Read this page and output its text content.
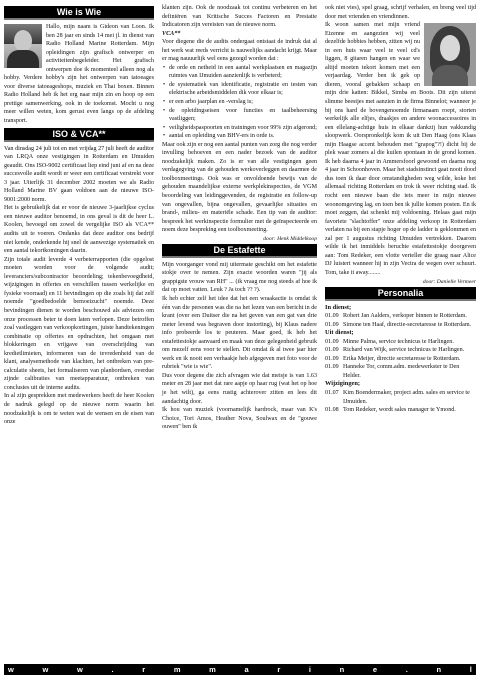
Wie is Wie

Hallo, mijn naam is Gideon van Loon. Ik ben 28 jaar en sinds 14 mei jl. in dienst van Radio Holland Marine Rotterdam. Mijn opleidingen zijn grafisch ontwerper en activiteitenbegeleider. Het grafisch ontwerpen doe ik momenteel alleen nog als hobby. Verdere hobby's zijn het ontwerpen van tatoeages voor diverse tatoeageshops, muziek en Thai boxen. Binnen Radio Holland heb ik het erg naar mijn zin en hoop op een prettige samenwerking, ook in de toekomst. Mocht u nog meer willen weten, kom gerust even langs op de afdeling transport.

ISO & VCA**

Van dinsdag 24 juli tot en met vrijdag 27 juli heeft de auditor van LRQA onze vestigingen in Rotterdam en IJmuiden geaudit. Ons ISO-9002 certificaat liep eind juni af en na deze succesvolle audit wordt er weer een certificaat verstrekt voor 3 jaar. Uiterlijk 31 december 2002 moeten we als Radio Holland Marine BV gaan voldoen aan de nieuwe ISO-9001:2000 norm.

Het is gebruikelijk dat er voor de nieuwe 3-jaarlijkse cyclus een nieuwe auditor benoemd, in ons geval is dit de heer L. Koolen, bevoegd om zowel de vergelijke ISO als VCA** audits uit te voeren. Ondanks dat deze auditor ons bedrijf niet kende, onderkende hij snel de aanwezige systematiek en een aantal tekortkomingen daarin.

Zijn totale audit leverde 4 verbeterrapporten (die opgelost moeten worden voor de volgende audit; leveranciers/subcontractor beoordeling; tekenbevoegdheid, wijzigingen in offertes en verschillen tussen werkelijke en fysieke voorraad) en 11 bevindingen op die zoals hij dat zelf noemde "goedbedoelde bemoeizucht" noemde. Deze bevindingen dienen te worden beschouwd als adviezen om onze processen beter te doen laten verlopen. Deze betroffen zoal vastleggen van verkoopkortingen, juiste handtekeningen combinatie op offertes en opdrachten, het omgaan met blokkeringen en vrijgave van overschrijding van kredietlimieten, informeren van de tevredenheid van de klant, analysemethode van klachten, het ontbreken van pre-calculatie sheets, het formaliseren van planbordsen, overdue zijnde calibraties van meetapparatuur, ontbreken van conclusies uit de interne audits.

In al zijn gesprekken met medewerkers heeft de heer Koolen de nadruk gelegd op de nieuwe norm waarin het noodzakelijk is om te weten wat de wensen en de eisen van onze

klanten zijn. Ook de noodzaak tot continu verbeteren en het definiëren van Kritische Succes Factoren en Prestatie Indicatoren zijn vereisten van de nieuwe norm.

VCA**

Voor diegene die de audits ondergaat ontstaat de indruk dat al het werk wat reeds verricht is nauwelijks aandacht krijgt. Maar er mag nauuurlijk wel eens gezegd worden dat :

• de orde en netheid in een aantal werkplaatsen en magazijn ruimtes van IJmuiden aanzienlijk is verbeterd;
• de systematiek van identificatie, registratie en testen van elektrische arbeidsmiddelen dik voor elkaar is;
• er een arbo jaarplan en -verslag is;
• de opleidingseisen voor functies en taalbeheersing vastliggen;
• veiligheidspaspoorten en trainingen voor 99% zijn afgerond;
• aantal en opleiding van BHV-ers in orde is.

Maar ook zijn er nog een aantal punten van zorg die nog verder invulling behoeven en een nader bezoek van de auditor noodzakelijk maken. Zo is er van alle vestigingen geen verdagegving van de gehouden werkoverleggen en daarmee de toolboxmeetings. Ook was er onvoldoende bewijs van de gehouden maandelijkse externe werkplekinspecties, de VGM beoordeling van leidinggevenden, de registratie en follow-up van ongevallen, bijna ongevallen, gevaarlijke situaties en brand-, milieu- en materiële schade. Een tip van de auditor: bespreek het werkinspectie formulier met de geïnspecteerde en noem deze bespreking een toolboxmeeting.

door: Henk Middelkoop

De Estafette

Mijn voorganger vond mij uitermate geschikt om het estafette stokje over te nemen. Zijn exacte woorden waren "jij als grappigste vrouw van RH" ... (ik vraag me nog steeds af hoe ik dat op moet vatten. Leuk ? Ja toch ?? ?).

Ik heb echter zelf het idee dat het een wraakactie is omdat ik één van die personen was die na het lezen van een bericht in de krant (over een Duitser die na het geven van een gat van drie meter levend was begraven door instorting), bij Klaus nadere info probeerde los te peuteren. Maar goed, ik heb het estafettestokje aanvaard en maak van deze gelegenheid gebruik om mezelf eens voor te stellen. Dit omdat ik al twee jaar hier werk en ik nooit een verhaakje heb afgegeven met foto voor de rubriek "wie is wie".

Dus voor degene die zich afvragen wie dat meisje is van 1.63 meter en 28 jaar met dat rare aapje op haar rug (wat het op hoe je het wilt), ga eens rustig achterover zitten en lees dit aandachtig door.

Ik hou van muziek (voornamelijk hardrock, maar van K's Choice, Tori Amos, Heather Nova, Soulwax en de "gouwe ouwen" ben ik

ook niet vies), spel graag, schrijf verhalen, en breng veel tijd door met vrienden en vriendinnen.

Ik woon samen met mijn vriend Eizenne en aangezien wij veel dezelfde hobbies hebben, zitten wij nu in een huis waar veel te veel cd's liggen, 8 gitaren hangen en waar we altijd moeten tekort komen met een verjaardag. Verder ben ik gek op dieren, vooral gebakken schaap en mijn drie katten: Bikkel, Simba en Boots. Dit zijn uiterst slimme beestjes met aanzien in de firma Binnelot; wanneer je bij ons hard de bovengenoemde firmanaam roept, storten werkelijk alle elfjes, draakjes en andere woonaccessoires in een ellelang-achtige huis in elkaar dankzij hun vakkundig sloopwerk. Oorspronkelijk kom ik uit Den Haag (ons Klaas mijn Haagse accent behouden met "grapog"?!) dicht bij de plek waar zomers al die kuilen spontaan in de grond komen. Ik heb daarna 4 jaar in Ammersfoorl gewoond en daarna nog 4 jaar in Schoonhoven. Maar het stadsinstinct gaat nooit dood dus toen ik daar door omstandigheden weg wilde, koke het allemaal richting Rotterdam en trok ik weer richting stad. Ik rocht een nieuwe baan die iets meer in mijn nieuwe woonomgeving lag, en toen ben ik jullie komen posten. En ik moet zeggen, dat schenkt mij voldoening. Helaas gaat mijn favoriete "slachtoffer" onze afdeling verkoop in Rotterdam verlaten na bij een stapje hoger op de ladder is geklommen en zal per 1 augustus richting IJmuiden vertrekken. Daarom wilde ik het inmiddels beruchte estafettestokje doorgeven aan: Tom Redeker, een vlotte verteller die graag naar Alice DJ luistert wanneer hij in zijn Vectra de wegen over schuurt. Tom, take it away........

door: Danielle Vermeer

Personalia

In dienst;

01.09 Robert Jan Aalders, verkoper binnen te Rotterdam.
01.09 Simone ten Haaf, directie-secretaresse te Rotterdam.

Uit dienst;

01.09 Minne Palma, service technicus te Harlingen.
01.09 Richard van Wijk, service technicus te Harlingen.
01.09 Erika Meijer, directie secretaresse te Rotterdam.
01.09 Hanneke Tor, comm.adm. medewerkster te Den Helder.

Wijzigingen;

01.07 Kim Boendermaker, project adm. sales en service te IJmuiden.
01.08 Tom Redeker, wordt sales manager te Ymond.
w	w	w	.	r	m	m	a	r	i	n	e	.	n	l
